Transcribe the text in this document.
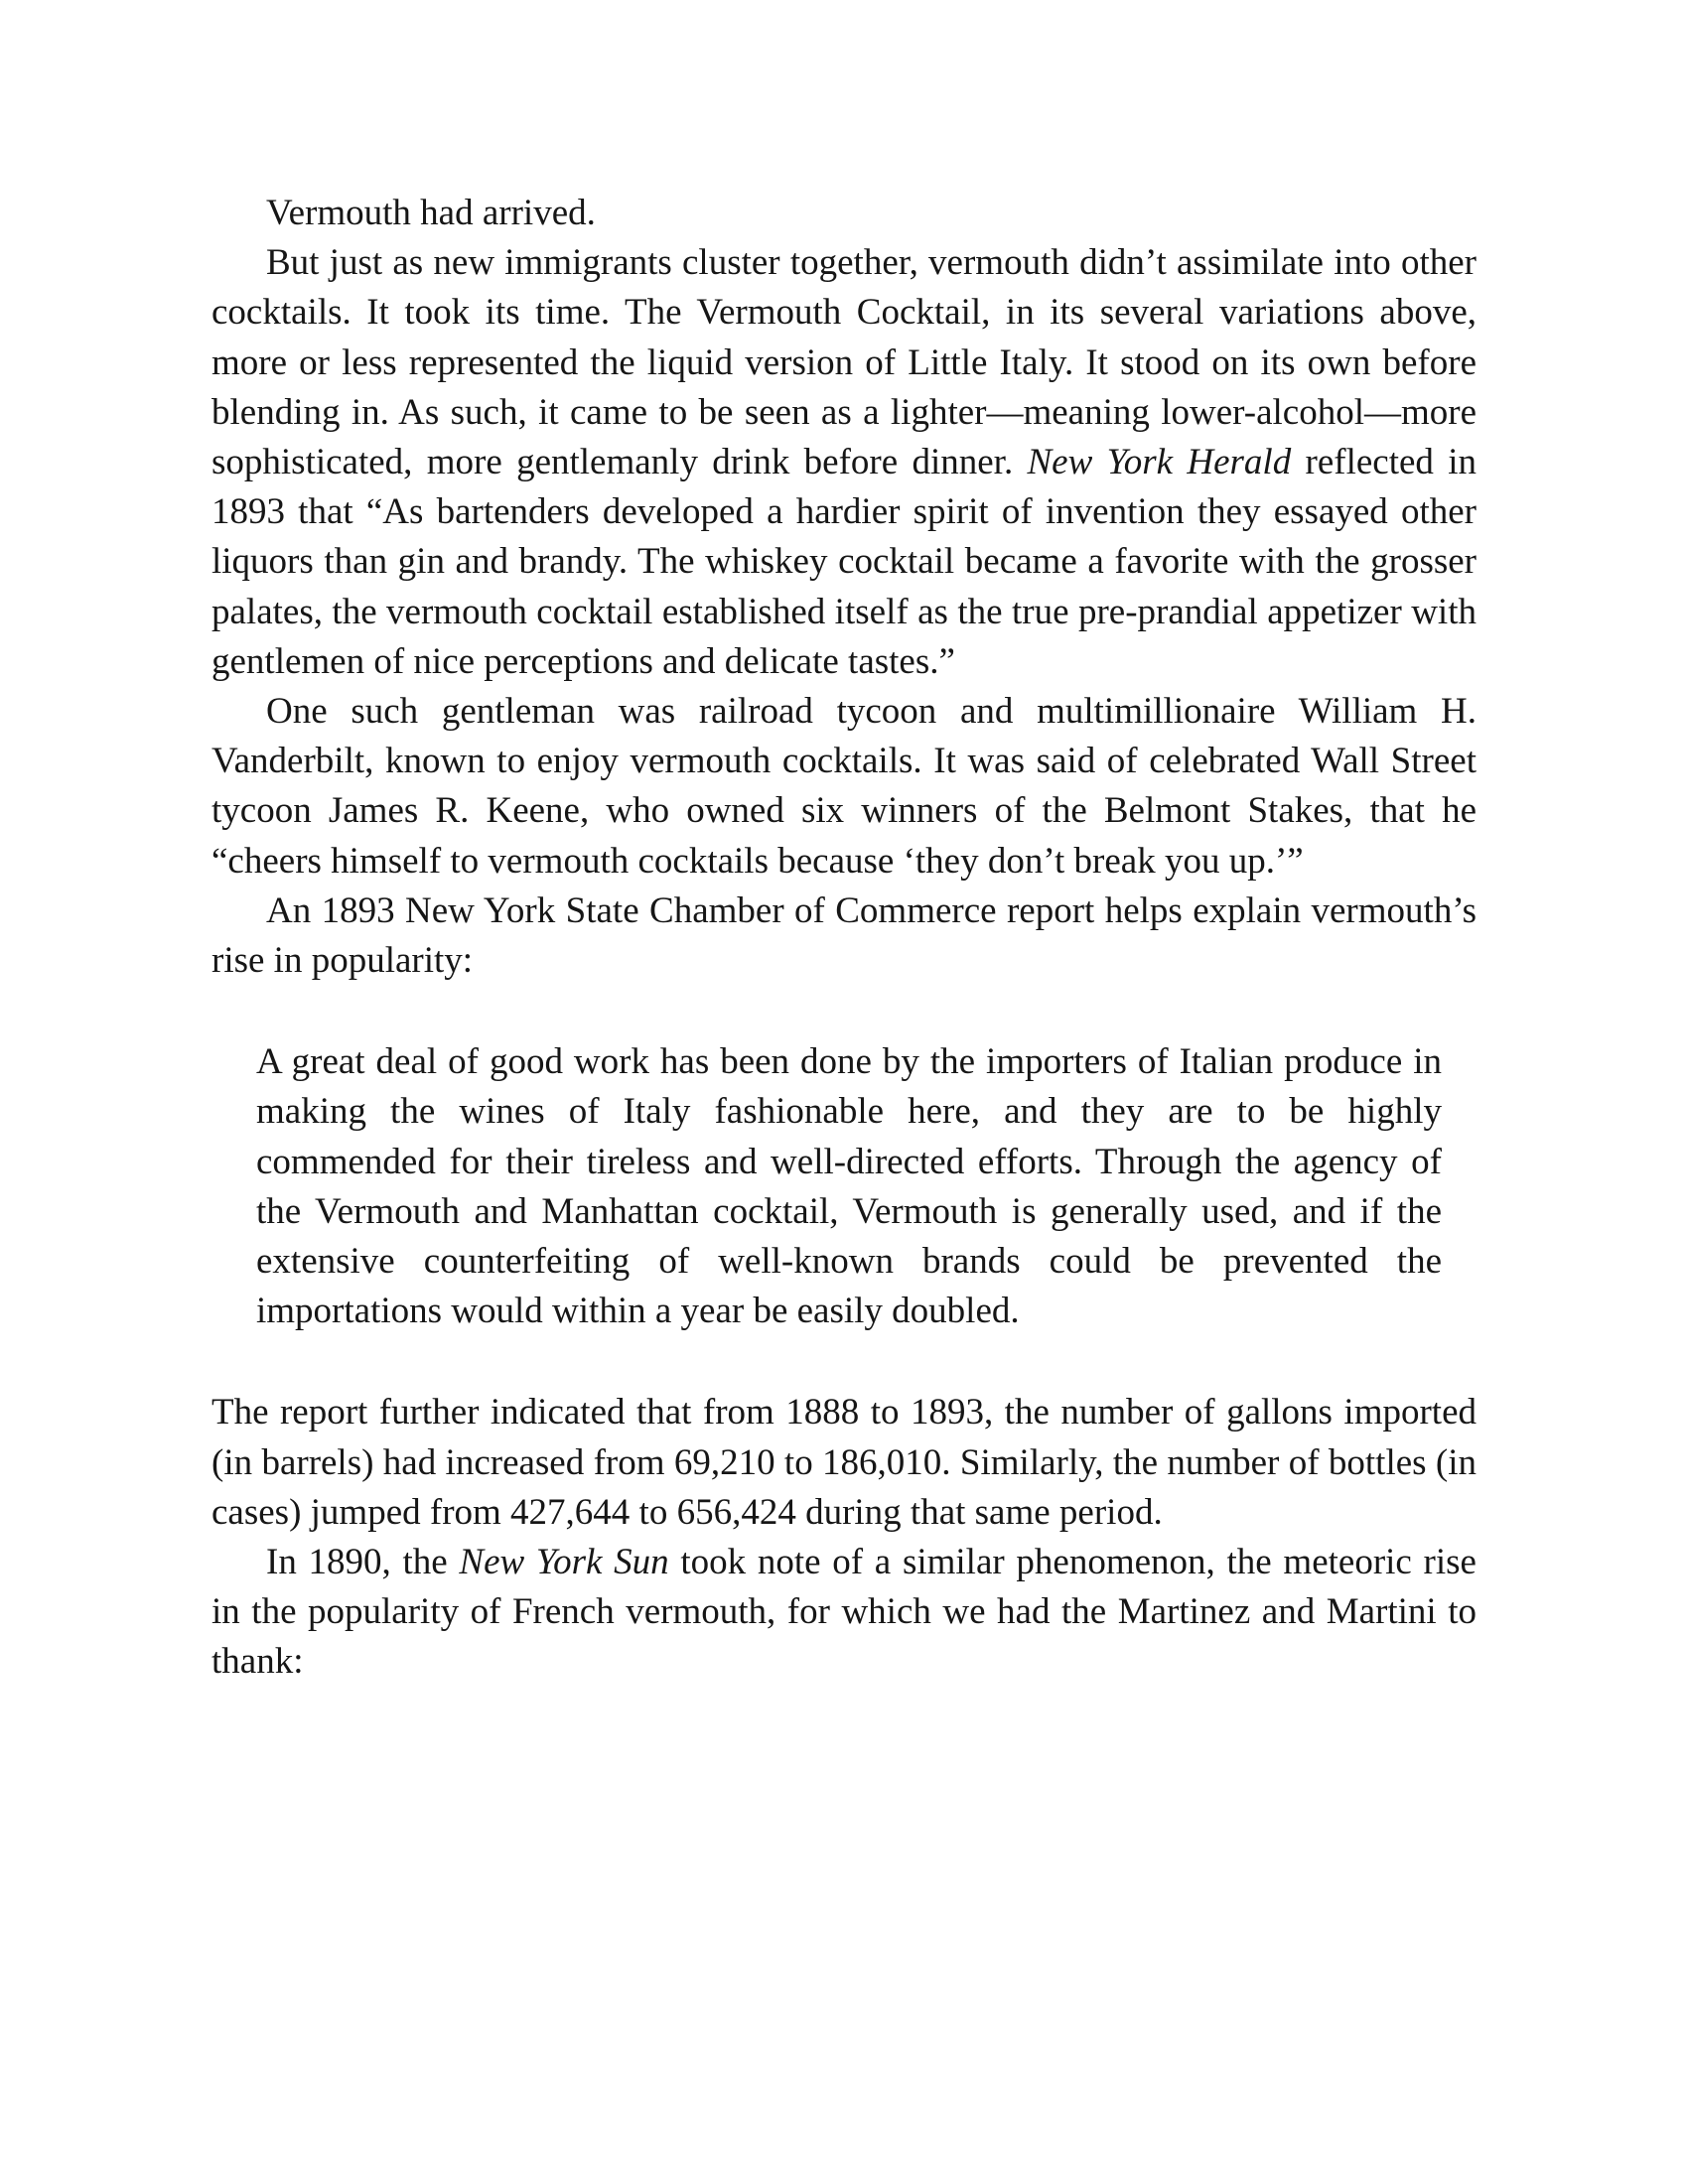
Vermouth had arrived.

But just as new immigrants cluster together, vermouth didn’t assimilate into other cocktails. It took its time. The Vermouth Cocktail, in its several variations above, more or less represented the liquid version of Little Italy. It stood on its own before blending in. As such, it came to be seen as a lighter—meaning lower-alcohol—more sophisticated, more gentlemanly drink before dinner. New York Herald reflected in 1893 that “As bartenders developed a hardier spirit of invention they essayed other liquors than gin and brandy. The whiskey cocktail became a favorite with the grosser palates, the vermouth cocktail established itself as the true pre-prandial appetizer with gentlemen of nice perceptions and delicate tastes.”

One such gentleman was railroad tycoon and multimillionaire William H. Vanderbilt, known to enjoy vermouth cocktails. It was said of celebrated Wall Street tycoon James R. Keene, who owned six winners of the Belmont Stakes, that he “cheers himself to vermouth cocktails because ‘they don’t break you up.’”

An 1893 New York State Chamber of Commerce report helps explain vermouth’s rise in popularity:

A great deal of good work has been done by the importers of Italian produce in making the wines of Italy fashionable here, and they are to be highly commended for their tireless and well-directed efforts. Through the agency of the Vermouth and Manhattan cocktail, Vermouth is generally used, and if the extensive counterfeiting of well-known brands could be prevented the importations would within a year be easily doubled.

The report further indicated that from 1888 to 1893, the number of gallons imported (in barrels) had increased from 69,210 to 186,010. Similarly, the number of bottles (in cases) jumped from 427,644 to 656,424 during that same period.

In 1890, the New York Sun took note of a similar phenomenon, the meteoric rise in the popularity of French vermouth, for which we had the Martinez and Martini to thank:
